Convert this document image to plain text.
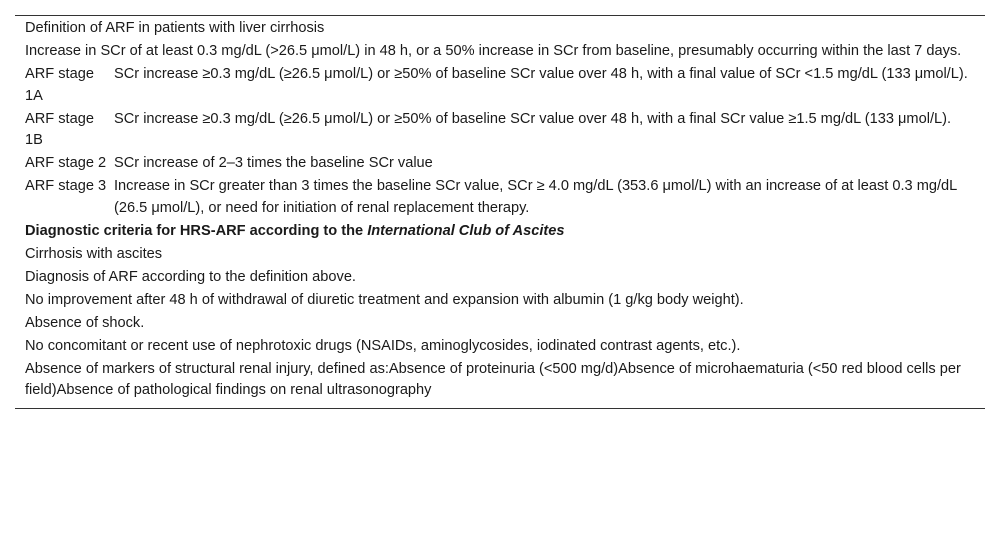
Definition of ARF in patients with liver cirrhosis	
Increase in SCr of at least 0.3 mg/dL (>26.5 μmol/L) in 48 h, or a 50% increase in SCr from baseline, presumably occurring within the last 7 days.	
ARF stage 1A	SCr increase ≥0.3 mg/dL (≥26.5 μmol/L) or ≥50% of baseline SCr value over 48 h, with a final value of SCr <1.5 mg/dL (133 μmol/L).
ARF stage 1B	SCr increase ≥0.3 mg/dL (≥26.5 μmol/L) or ≥50% of baseline SCr value over 48 h, with a final SCr value ≥1.5 mg/dL (133 μmol/L).
ARF stage 2	SCr increase of 2–3 times the baseline SCr value
ARF stage 3	Increase in SCr greater than 3 times the baseline SCr value, SCr ≥ 4.0 mg/dL (353.6 μmol/L) with an increase of at least 0.3 mg/dL (26.5 μmol/L), or need for initiation of renal replacement therapy.
Diagnostic criteria for HRS-ARF according to the International Club of Ascites	
Cirrhosis with ascites	
Diagnosis of ARF according to the definition above.	
No improvement after 48 h of withdrawal of diuretic treatment and expansion with albumin (1 g/kg body weight).	
Absence of shock.	
No concomitant or recent use of nephrotoxic drugs (NSAIDs, aminoglycosides, iodinated contrast agents, etc.).	
Absence of markers of structural renal injury, defined as:Absence of proteinuria (<500 mg/d)Absence of microhaematuria (<50 red blood cells per field)Absence of pathological findings on renal ultrasonography	
